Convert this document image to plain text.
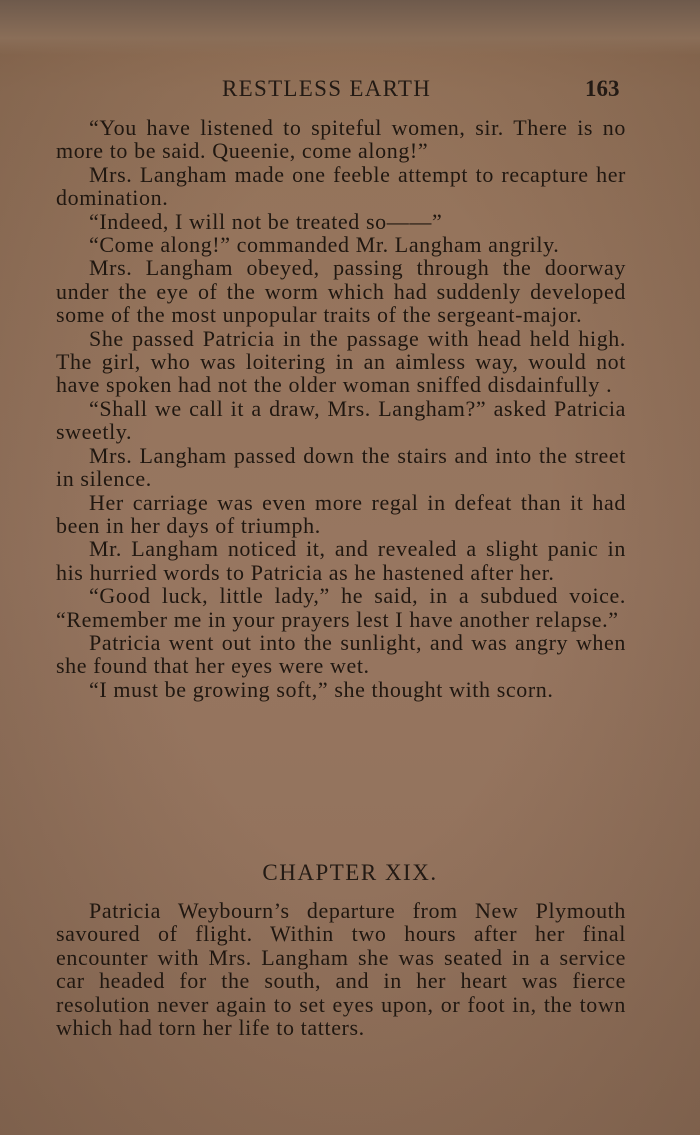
RESTLESS EARTH	163

“You have listened to spiteful women, sir. There is no more to be said. Queenie, come along!”

Mrs. Langham made one feeble attempt to recapture her domination.

“Indeed, I will not be treated so——”

“Come along!” commanded Mr. Langham angrily.

Mrs. Langham obeyed, passing through the doorway under the eye of the worm which had suddenly developed some of the most unpopular traits of the sergeant-major.

She passed Patricia in the passage with head held high. The girl, who was loitering in an aimless way, would not have spoken had not the older woman sniffed disdainfully .

“Shall we call it a draw, Mrs. Langham?” asked Patricia sweetly.

Mrs. Langham passed down the stairs and into the street in silence.

Her carriage was even more regal in defeat than it had been in her days of triumph.

Mr. Langham noticed it, and revealed a slight panic in his hurried words to Patricia as he hastened after her.

“Good luck, little lady,” he said, in a subdued voice. “Remember me in your prayers lest I have another relapse.”

Patricia went out into the sunlight, and was angry when she found that her eyes were wet.

“I must be growing soft,” she thought with scorn.

CHAPTER XIX.

Patricia Weybourn’s departure from New Plymouth savoured of flight. Within two hours after her final encounter with Mrs. Langham she was seated in a service car headed for the south, and in her heart was fierce resolution never again to set eyes upon, or foot in, the town which had torn her life to tatters.
